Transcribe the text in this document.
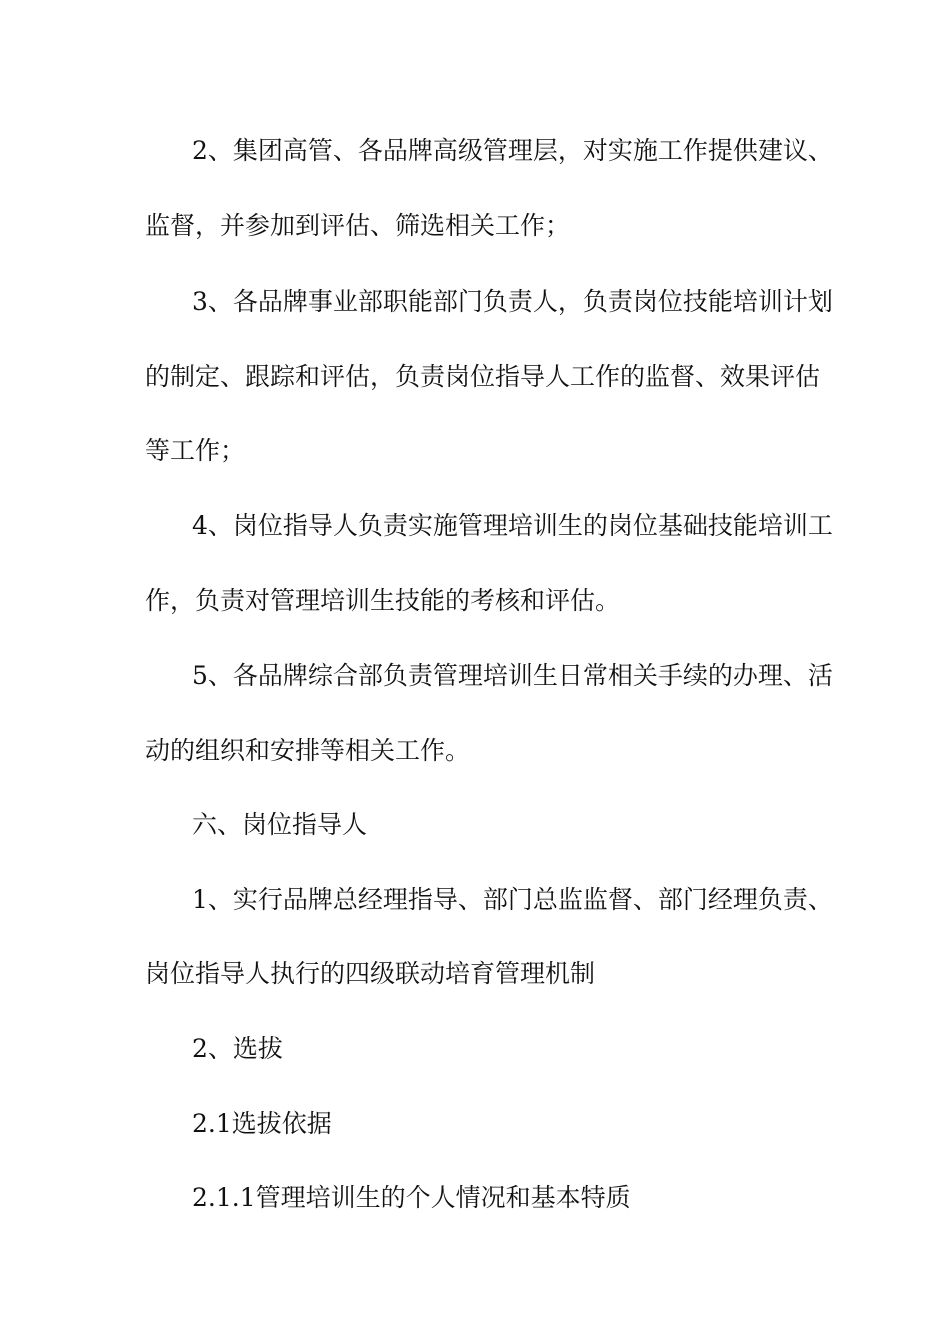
2、集团高管、各品牌高级管理层，对实施工作提供建议、
监督，并参加到评估、筛选相关工作；
3、各品牌事业部职能部门负责人，负责岗位技能培训计划
的制定、跟踪和评估，负责岗位指导人工作的监督、效果评估
等工作；
4、岗位指导人负责实施管理培训生的岗位基础技能培训工
作，负责对管理培训生技能的考核和评估。
5、各品牌综合部负责管理培训生日常相关手续的办理、活
动的组织和安排等相关工作。
六、岗位指导人
1、实行品牌总经理指导、部门总监监督、部门经理负责、
岗位指导人执行的四级联动培育管理机制
2、选拔
2.1选拔依据
2.1.1管理培训生的个人情况和基本特质
